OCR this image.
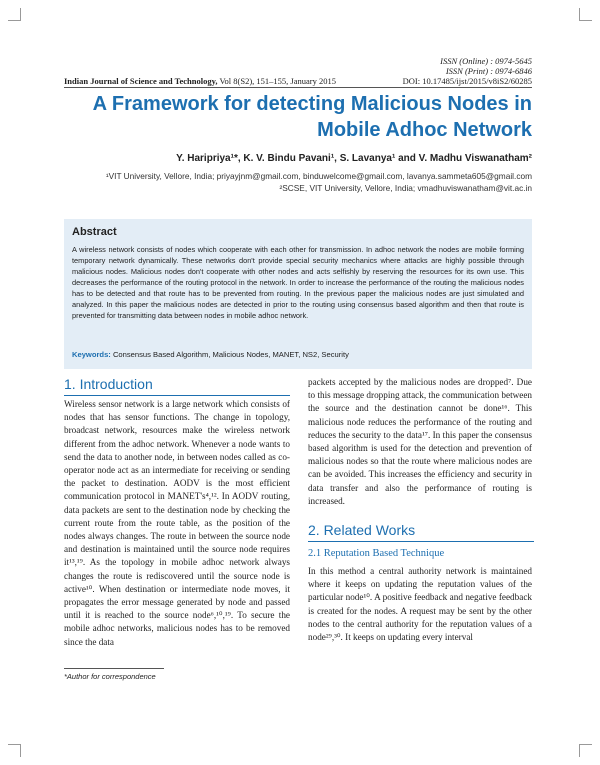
ISSN (Online) : 0974-5645
ISSN (Print) : 0974-6846
Indian Journal of Science and Technology, Vol 8(S2), 151–155, January 2015	DOI: 10.17485/ijst/2015/v8iS2/60285
A Framework for detecting Malicious Nodes in Mobile Adhoc Network
Y. Haripriya¹*, K. V. Bindu Pavani¹, S. Lavanya¹ and V. Madhu Viswanatham²
¹VIT University, Vellore, India; priyayjnm@gmail.com, binduwelcome@gmail.com, lavanya.sammeta605@gmail.com
²SCSE, VIT University, Vellore, India; vmadhuviswanatham@vit.ac.in
Abstract

A wireless network consists of nodes which cooperate with each other for transmission. In adhoc network the nodes are mobile forming temporary network dynamically. These networks don't provide special security mechanics where attacks are highly possible through malicious nodes. Malicious nodes don't cooperate with other nodes and acts selfishly by reserving the resources for its own use. This decreases the performance of the routing protocol in the network. In order to increase the performance of the routing the malicious nodes has to be detected and that route has to be prevented from routing. In the previous paper the malicious nodes are just simulated and analyzed. In this paper the malicious nodes are detected in prior to the routing using consensus based algorithm and then that route is prevented for transmitting data between nodes in mobile adhoc network.

Keywords: Consensus Based Algorithm, Malicious Nodes, MANET, NS2, Security
1. Introduction

Wireless sensor network is a large network which consists of nodes that has sensor functions. The change in topology, broadcast network, resources make the wireless network different from the adhoc network. Whenever a node wants to send the data to another node, in between nodes called as co-operator node act as an intermediate for receiving or sending the packet to destination. AODV is the most efficient communication protocol in MANET's⁴,¹². In AODV routing, data packets are sent to the destination node by checking the current route from the route table, as the position of the nodes always changes. The route in between the source node and destination is maintained until the source node requires it¹³,¹⁹. As the topology in mobile adhoc network always changes the route is rediscovered until the source node is active¹⁰. When destination or intermediate node moves, it propagates the error message generated by node and passed until it is reached to the source node⁶,¹⁰,¹⁹. To secure the mobile adhoc networks, malicious nodes has to be removed since the data

packets accepted by the malicious nodes are dropped⁷. Due to this message dropping attack, the communication between the source and the destination cannot be done¹⁶. This malicious node reduces the performance of the routing and reduces the security to the data¹⁷. In this paper the consensus based algorithm is used for the detection and prevention of malicious nodes so that the route where malicious nodes are can be avoided. This increases the efficiency and security in data transfer and also the performance of routing is increased.

2. Related Works
2.1 Reputation Based Technique

In this method a central authority network is maintained where it keeps on updating the reputation values of the particular node¹⁰. A positive feedback and negative feedback is created for the nodes. A request may be sent by the other nodes to the central authority for the reputation values of a node²⁹,³⁰. It keeps on updating every interval

*Author for correspondence
